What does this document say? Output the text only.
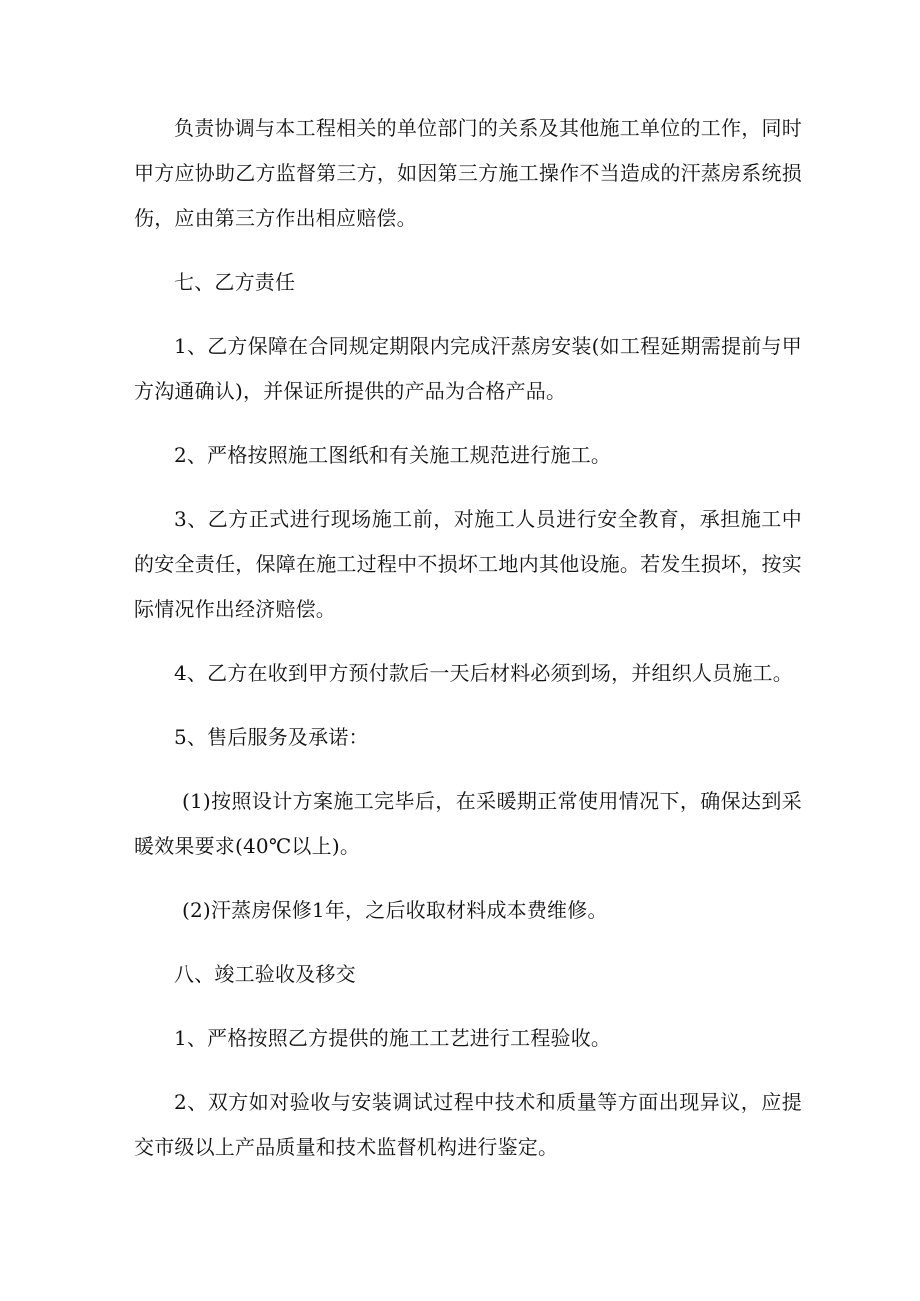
负责协调与本工程相关的单位部门的关系及其他施工单位的工作，同时甲方应协助乙方监督第三方，如因第三方施工操作不当造成的汗蒸房系统损伤，应由第三方作出相应赔偿。

七、乙方责任

1、乙方保障在合同规定期限内完成汗蒸房安装(如工程延期需提前与甲方沟通确认)，并保证所提供的产品为合格产品。

2、严格按照施工图纸和有关施工规范进行施工。

3、乙方正式进行现场施工前，对施工人员进行安全教育，承担施工中的安全责任，保障在施工过程中不损坏工地内其他设施。若发生损坏，按实际情况作出经济赔偿。

4、乙方在收到甲方预付款后一天后材料必须到场，并组织人员施工。

5、售后服务及承诺：

(1)按照设计方案施工完毕后，在采暖期正常使用情况下，确保达到采暖效果要求(40℃以上)。

(2)汗蒸房保修1年，之后收取材料成本费维修。

八、竣工验收及移交

1、严格按照乙方提供的施工工艺进行工程验收。

2、双方如对验收与安装调试过程中技术和质量等方面出现异议，应提交市级以上产品质量和技术监督机构进行鉴定。
